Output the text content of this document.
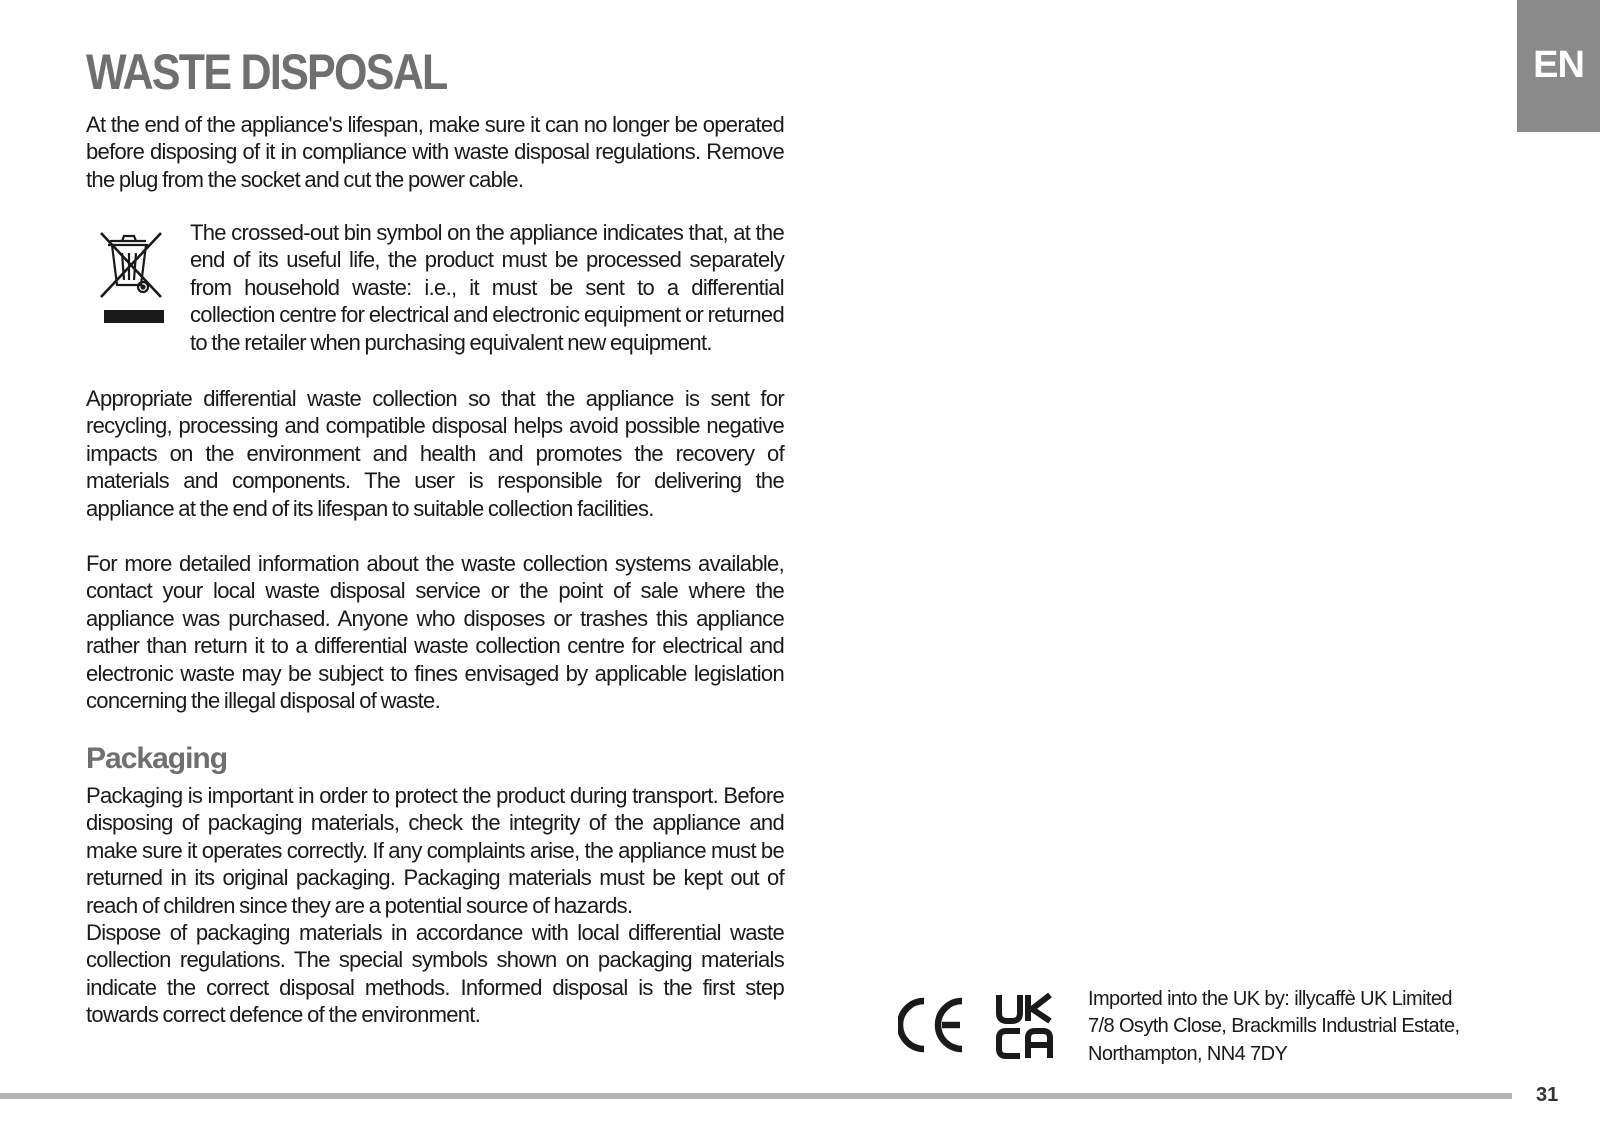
EN
WASTE DISPOSAL

At the end of the appliance's lifespan, make sure it can no longer be operated before disposing of it in compliance with waste disposal regulations. Remove the plug from the socket and cut the power cable.

The crossed-out bin symbol on the appliance indicates that, at the end of its useful life, the product must be processed separately from household waste: i.e., it must be sent to a differential collection centre for electrical and electronic equipment or returned to the retailer when purchasing equivalent new equipment.

Appropriate differential waste collection so that the appliance is sent for recycling, processing and compatible disposal helps avoid possible negative impacts on the environment and health and promotes the recovery of materials and components. The user is responsible for delivering the appliance at the end of its lifespan to suitable collection facilities.

For more detailed information about the waste collection systems available, contact your local waste disposal service or the point of sale where the appliance was purchased. Anyone who disposes or trashes this appliance rather than return it to a differential waste collection centre for electrical and electronic waste may be subject to fines envisaged by applicable legislation concerning the illegal disposal of waste.

Packaging

Packaging is important in order to protect the product during transport. Before disposing of packaging materials, check the integrity of the appliance and make sure it operates correctly. If any complaints arise, the appliance must be returned in its original packaging. Packaging materials must be kept out of reach of children since they are a potential source of hazards.

Dispose of packaging materials in accordance with local differential waste collection regulations. The special symbols shown on packaging materials indicate the correct disposal methods. Informed disposal is the first step towards correct defence of the environment.

Imported into the UK by: illycaffè UK Limited
7/8 Osyth Close, Brackmills Industrial Estate,
Northampton, NN4 7DY
31
